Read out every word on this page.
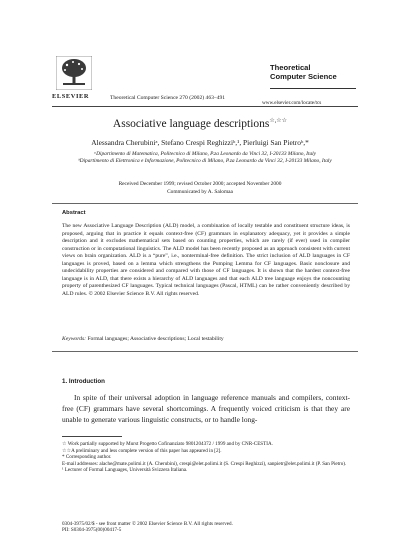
ELSEVIER	Theoretical Computer Science 270 (2002) 463–491
Theoretical
Computer Science
www.elsevier.com/locate/tcs
Associative language descriptions☆,☆☆
Alessandra Cherubiniᵃ, Stefano Crespi Reghizziᵇ,¹, Pierluigi San Pietroᵇ,*
ᵃDipartimento di Matematica, Politecnico di Milano, P.za Leonardo da Vinci 32, I-20133 Milano, Italy
ᵇDipartimento di Elettronica e Informazione, Politecnico di Milano, P.za Leonardo da Vinci 32, I-20133 Milano, Italy
Received December 1999; revised October 2000; accepted November 2000
Communicated by A. Salomaa
Abstract
The new Associative Language Description (ALD) model, a combination of locally testable and constituent structure ideas, is proposed, arguing that in practice it equals context-free (CF) grammars in explanatory adequacy, yet it provides a simple description and it excludes mathematical sets based on counting properties, which are rarely (if ever) used in compiler construction or in computational linguistics. The ALD model has been recently proposed as an approach consistent with current views on brain organization. ALD is a “pure”, i.e., nonterminal-free definition. The strict inclusion of ALD languages in CF languages is proved, based on a lemma which strengthens the Pumping Lemma for CF languages. Basic nonclosure and undecidability properties are considered and compared with those of CF languages. It is shown that the hardest context-free language is in ALD, that there exists a hierarchy of ALD languages and that each ALD tree language enjoys the noncounting property of parenthesized CF languages. Typical technical languages (Pascal, HTML) can be rather conveniently described by ALD rules. © 2002 Elsevier Science B.V. All rights reserved.
Keywords: Formal languages; Associative descriptions; Local testability
1. Introduction
In spite of their universal adoption in language reference manuals and compilers, context-free (CF) grammars have several shortcomings. A frequently voiced criticism is that they are unable to generate various linguistic constructs, or to handle long-

☆ Work partially supported by Murst Progetto Cofinanziato 9801204372 / 1999 and by CNR-CESTIA.

☆☆A preliminary and less complete version of this paper has appeared in [2].

* Corresponding author.

E-mail addresses: alache@mate.polimi.it (A. Cherubini), crespi@elet.polimi.it (S. Crespi Reghizzi), sanpietr@elet.polimi.it (P. San Pietro).

¹ Lecturer of Formal Languages, Università Svizzera Italiana.

0304-3975/02/$ - see front matter © 2002 Elsevier Science B.V. All rights reserved.

PII: S0304-3975(00)00417-5
